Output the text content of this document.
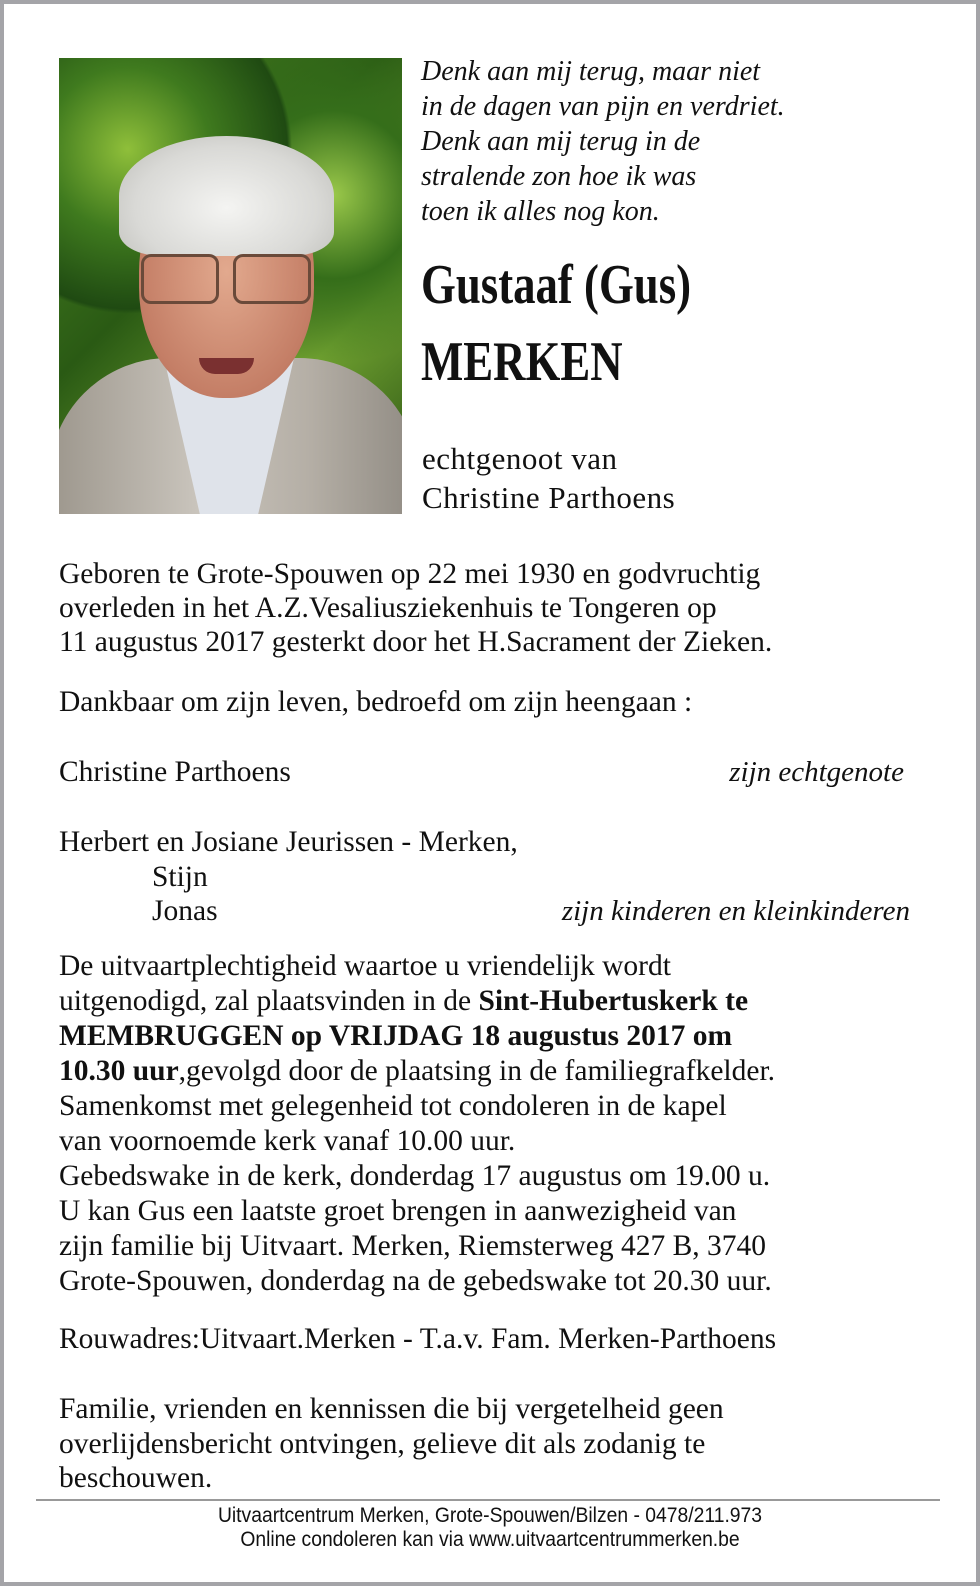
Denk aan mij terug, maar niet
in de dagen van pijn en verdriet.
Denk aan mij terug in de
stralende zon hoe ik was
toen ik alles nog kon.
Gustaaf (Gus)
MERKEN
echtgenoot van
Christine Parthoens
Geboren te Grote-Spouwen op 22 mei 1930 en godvruchtig
overleden in het A.Z.Vesaliusziekenhuis te Tongeren op
11 augustus 2017 gesterkt door het H.Sacrament der Zieken.
Dankbaar om zijn leven, bedroefd om zijn heengaan :
Christine Parthoens	zijn echtgenote
Herbert en Josiane Jeurissen - Merken,
Stijn
Jonas	zijn kinderen en kleinkinderen
De uitvaartplechtigheid waartoe u vriendelijk wordt
uitgenodigd, zal plaatsvinden in de Sint-Hubertuskerk te
MEMBRUGGEN op VRIJDAG 18 augustus 2017 om
10.30 uur,gevolgd door de plaatsing in de familiegrafkelder.
Samenkomst met gelegenheid tot condoleren in de kapel
van voornoemde kerk vanaf 10.00 uur.
Gebedswake in de kerk, donderdag 17 augustus om 19.00 u.
U kan Gus een laatste groet brengen in aanwezigheid van
zijn familie bij Uitvaart. Merken, Riemsterweg 427 B, 3740
Grote-Spouwen, donderdag na de gebedswake tot 20.30 uur.
Rouwadres:Uitvaart.Merken - T.a.v. Fam. Merken-Parthoens
Familie, vrienden en kennissen die bij vergetelheid geen
overlijdensbericht ontvingen, gelieve dit als zodanig te
beschouwen.
Uitvaartcentrum Merken, Grote-Spouwen/Bilzen - 0478/211.973
Online condoleren kan via www.uitvaartcentrummerken.be
